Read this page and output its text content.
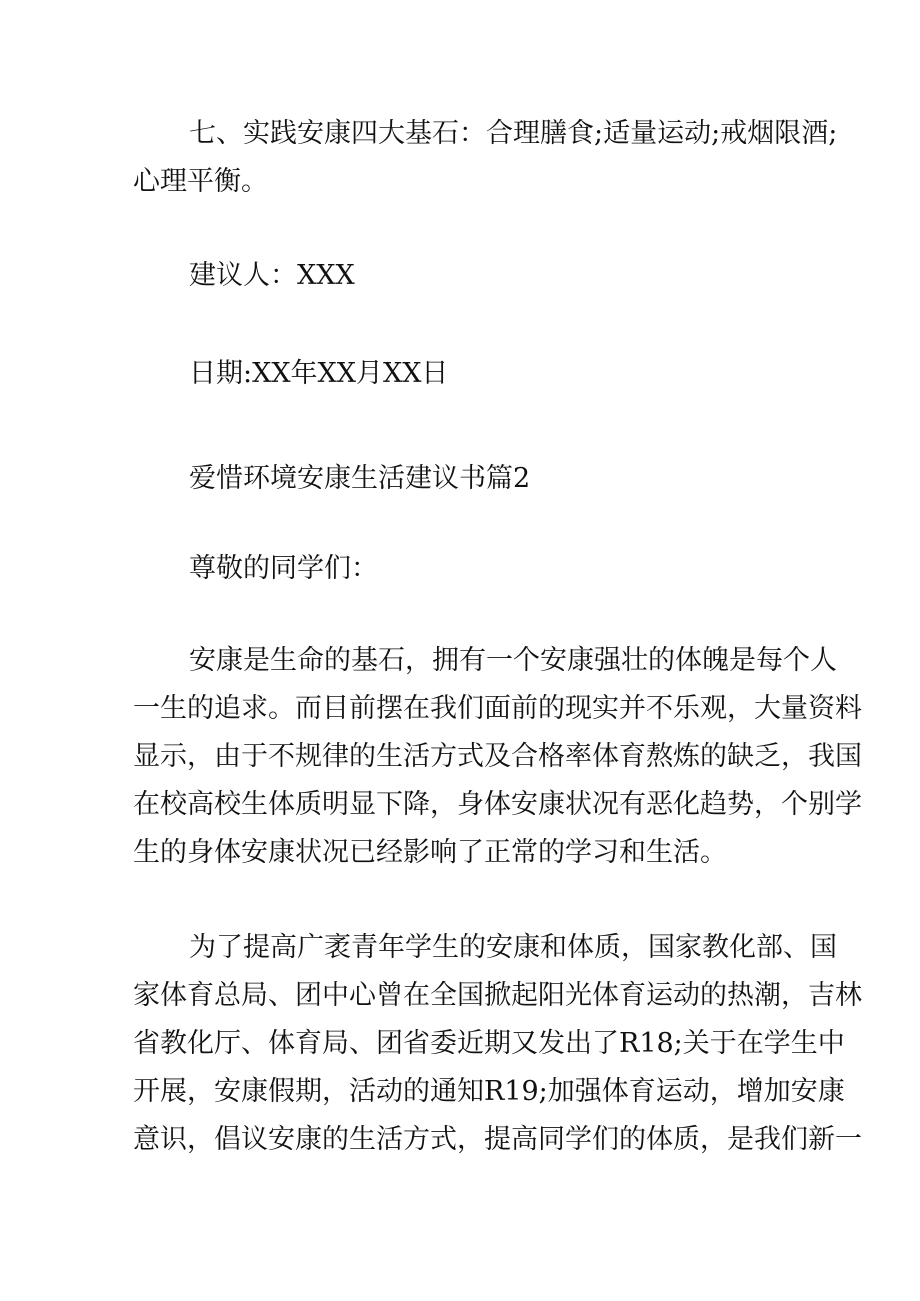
七、实践安康四大基石：合理膳食;适量运动;戒烟限酒;
心理平衡。
建议人：XXX
日期:XX年XX月XX日
爱惜环境安康生活建议书篇2
尊敬的同学们：
安康是生命的基石，拥有一个安康强壮的体魄是每个人
一生的追求。而目前摆在我们面前的现实并不乐观，大量资料
显示，由于不规律的生活方式及合格率体育熬炼的缺乏，我国
在校高校生体质明显下降，身体安康状况有恶化趋势，个别学
生的身体安康状况已经影响了正常的学习和生活。
为了提高广袤青年学生的安康和体质，国家教化部、国
家体育总局、团中心曾在全国掀起阳光体育运动的热潮，吉林
省教化厅、体育局、团省委近期又发出了R18;关于在学生中
开展，安康假期，活动的通知R19;加强体育运动，增加安康
意识，倡议安康的生活方式，提高同学们的体质，是我们新一
